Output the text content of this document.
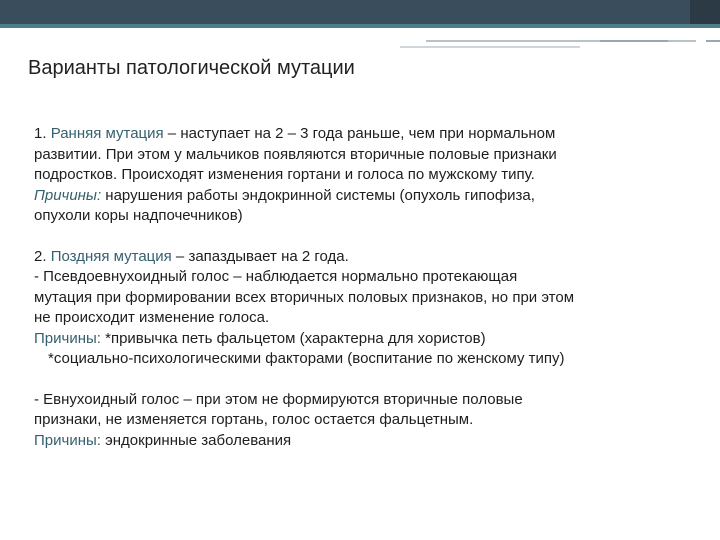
Варианты патологической мутации

1. Ранняя мутация – наступает на 2 – 3 года раньше, чем при нормальном

развитии. При этом у мальчиков появляются вторичные половые признаки

подростков. Происходят изменения гортани и голоса по мужскому типу.

Причины: нарушения работы эндокринной системы (опухоль гипофиза,

опухоли коры надпочечников)

2. Поздняя мутация – запаздывает на 2 года.

- Псевдоевнухоидный голос – наблюдается нормально протекающая

мутация при формировании всех вторичных половых признаков, но при этом

не происходит изменение голоса.

Причины: *привычка петь фальцетом (характерна для хористов)

*социально-психологическими факторами (воспитание по женскому типу)

- Евнухоидный голос – при этом не формируются вторичные половые

признаки, не изменяется гортань, голос остается фальцетным.

Причины: эндокринные заболевания
